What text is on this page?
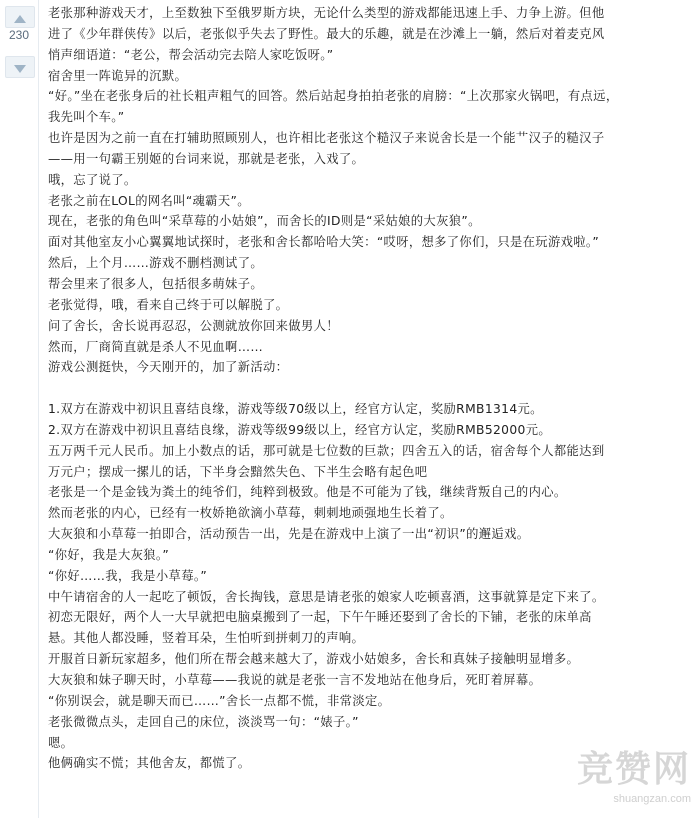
230

老张那种游戏天才，上至数独下至俄罗斯方块，无论什么类型的游戏都能迅速上手、力争上游。但他

进了《少年群侠传》以后，老张似乎失去了野性。最大的乐趣，就是在沙滩上一躺，然后对着麦克风

悄声细语道：“老公，帮会活动完去陪人家吃饭呀。”

宿舍里一阵诡异的沉默。

“好。”坐在老张身后的社长粗声粗气的回答。然后站起身拍拍老张的肩膀：“上次那家火锅吧，有点远，

我先叫个车。”

也许是因为之前一直在打辅助照顾别人，也许相比老张这个糙汉子来说舍长是一个能艹汉子的糙汉子

——用一句霸王别姬的台词来说，那就是老张，入戏了。

哦，忘了说了。

老张之前在LOL的网名叫“魂霸天”。

现在，老张的角色叫“采草莓的小姑娘”，而舍长的ID则是“采姑娘的大灰狼”。

面对其他室友小心翼翼地试探时，老张和舍长都哈哈大笑：“哎呀，想多了你们，只是在玩游戏啦。”

然后，上个月……游戏不删档测试了。

帮会里来了很多人，包括很多萌妹子。

老张觉得，哦，看来自己终于可以解脱了。

问了舍长，舍长说再忍忍，公测就放你回来做男人！

然而，厂商简直就是杀人不见血啊……

游戏公测挺快，今天刚开的，加了新活动：

1.双方在游戏中初识且喜结良缘，游戏等级70级以上，经官方认定，奖励RMB1314元。

2.双方在游戏中初识且喜结良缘，游戏等级99级以上，经官方认定，奖励RMB52000元。

五万两千元人民币。加上小数点的话，那可就是七位数的巨款；四舍五入的话，宿舍每个人都能达到

万元户；摆成一摞儿的话，下半身会黯然失色、下半生会略有起色吧

老张是一个是金钱为粪土的纯爷们，纯粹到极致。他是不可能为了钱，继续背叛自己的内心。

然而老张的内心，已经有一枚娇艳欲滴小草莓，刺刺地顽强地生长着了。

大灰狼和小草莓一拍即合，活动预告一出，先是在游戏中上演了一出“初识”的邂逅戏。

“你好，我是大灰狼。”

“你好……我，我是小草莓。”

中午请宿舍的人一起吃了顿饭，舍长掏钱，意思是请老张的娘家人吃顿喜酒，这事就算是定下来了。

初恋无限好，两个人一大早就把电脑桌搬到了一起，下午午睡还娶到了舍长的下铺，老张的床单高

悬。其他人都没睡，竖着耳朵，生怕听到拼刺刀的声响。

开服首日新玩家超多，他们所在帮会越来越大了，游戏小姑娘多，舍长和真妹子接触明显增多。

大灰狼和妹子聊天时，小草莓——我说的就是老张一言不发地站在他身后，死盯着屏幕。

“你别误会，就是聊天而已……”舍长一点都不慌，非常淡定。

老张微微点头，走回自己的床位，淡淡骂一句：“婊子。”

嗯。

他俩确实不慌；其他舍友，都慌了。	竞赞网
shuangzan.com
